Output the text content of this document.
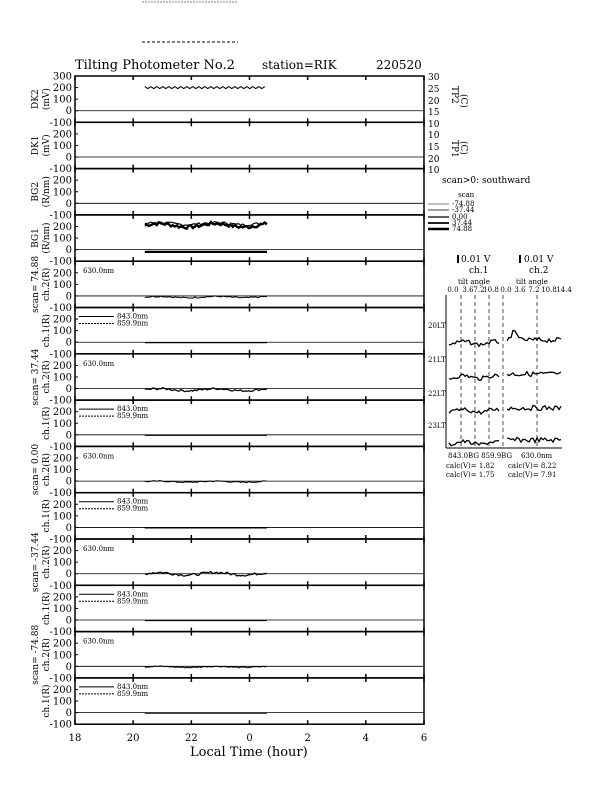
Tilting Photometer No.2 station=RIK	220520
30
25
20
15
10
10
15
20
10
TP2 (C)
TP1 (C)
scan>0: southward
scan
-74.88
-37.44
0.00
37.44
74.88
0.01 V	0.01 V
ch.1	ch.2
tilt angle	tilt angle
0.0 3.6 7.2
10.8 0.0 3.6 7.2 10.8 14.4
20LT
21LT
22LT
23LT
843.0BG 859.9BG 630.0nm
calc(V)= 1.82
calc(V)= 1.75
calc(V)= 8.22
calc(V)= 7.91
300
200
100
0
-100
DK2 (mV)
200
100
0
-100
DK1 (mV)
200
100
0
-100
BG2 (R/nm)
200
100
0
-100
BG1 (R/nm)
200
100
0
-100
scan= 74.88 ch.2(R)	630.0nm
200
100
0
-100
ch.1(R)	843.0nm
859.9nm
200
100
0
-100
scan= 37.44 ch.2(R)	630.0nm
200
100
0
-100
ch.1(R)	843.0nm
859.9nm
200
100
0
-100
scan= 0.00 ch.2(R)	630.0nm
200
100
0
-100
ch.1(R)	843.0nm
859.9nm
200
100
0
-100
scan= -37.44 ch.2(R)	630.0nm
200
100
0
-100
ch.1(R)	843.0nm
859.9nm
200
100
0
-100
scan= -74.88 ch.2(R)	630.0nm
200
100
0
-100
ch.1(R)	843.0nm
859.9nm
18	20	22	0	2	4	6
Local Time (hour)
